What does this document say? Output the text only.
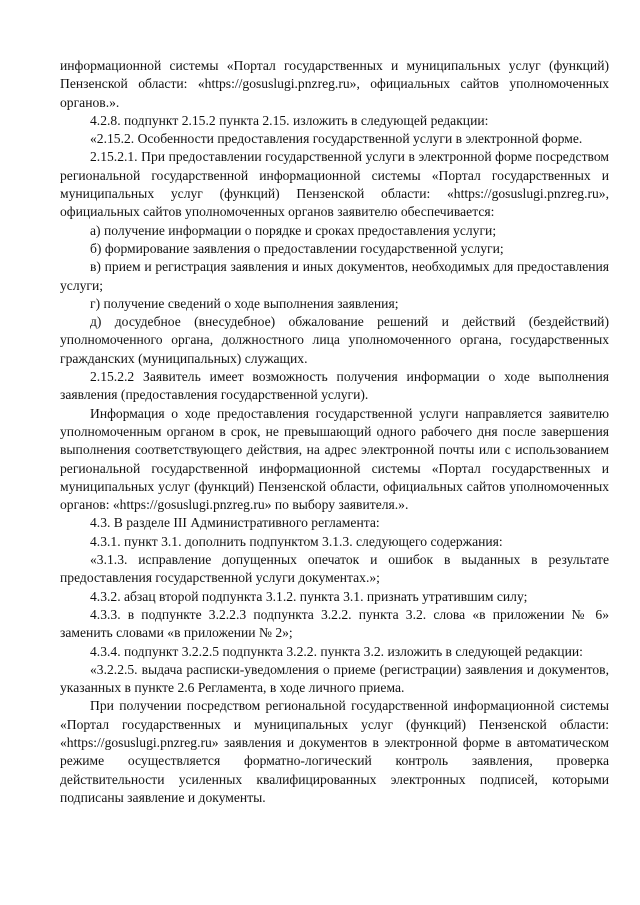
информационной системы «Портал государственных и муниципальных услуг (функций) Пензенской области: «https://gosuslugi.pnzreg.ru», официальных сайтов уполномоченных органов.».

4.2.8. подпункт 2.15.2 пункта 2.15. изложить в следующей редакции:

«2.15.2. Особенности предоставления государственной услуги в электронной форме.

2.15.2.1. При предоставлении государственной услуги в электронной форме посредством региональной государственной информационной системы «Портал государственных и муниципальных услуг (функций) Пензенской области: «https://gosuslugi.pnzreg.ru», официальных сайтов уполномоченных органов заявителю обеспечивается:

а) получение информации о порядке и сроках предоставления услуги;

б) формирование заявления о предоставлении государственной услуги;

в) прием и регистрация заявления и иных документов, необходимых для предоставления услуги;

г) получение сведений о ходе выполнения заявления;

д) досудебное (внесудебное) обжалование решений и действий (бездействий) уполномоченного органа, должностного лица уполномоченного органа, государственных гражданских (муниципальных) служащих.

2.15.2.2 Заявитель имеет возможность получения информации о ходе выполнения заявления (предоставления государственной услуги).

Информация о ходе предоставления государственной услуги направляется заявителю уполномоченным органом в срок, не превышающий одного рабочего дня после завершения выполнения соответствующего действия, на адрес электронной почты или с использованием региональной государственной информационной системы «Портал государственных и муниципальных услуг (функций) Пензенской области, официальных сайтов уполномоченных органов: «https://gosuslugi.pnzreg.ru» по выбору заявителя.».

4.3. В разделе III Административного регламента:

4.3.1. пункт 3.1. дополнить подпунктом 3.1.3. следующего содержания:

«3.1.3. исправление допущенных опечаток и ошибок в выданных в результате предоставления государственной услуги документах.»;

4.3.2. абзац второй подпункта 3.1.2. пункта 3.1. признать утратившим силу;

4.3.3. в подпункте 3.2.2.3 подпункта 3.2.2. пункта 3.2. слова «в приложении № 6» заменить словами «в приложении № 2»;

4.3.4. подпункт 3.2.2.5 подпункта 3.2.2. пункта 3.2. изложить в следующей редакции:

«3.2.2.5. выдача расписки-уведомления о приеме (регистрации) заявления и документов, указанных в пункте 2.6 Регламента, в ходе личного приема.

При получении посредством региональной государственной информационной системы «Портал государственных и муниципальных услуг (функций) Пензенской области: «https://gosuslugi.pnzreg.ru» заявления и документов в электронной форме в автоматическом режиме осуществляется форматно-логический контроль заявления, проверка действительности усиленных квалифицированных электронных подписей, которыми подписаны заявление и документы.
